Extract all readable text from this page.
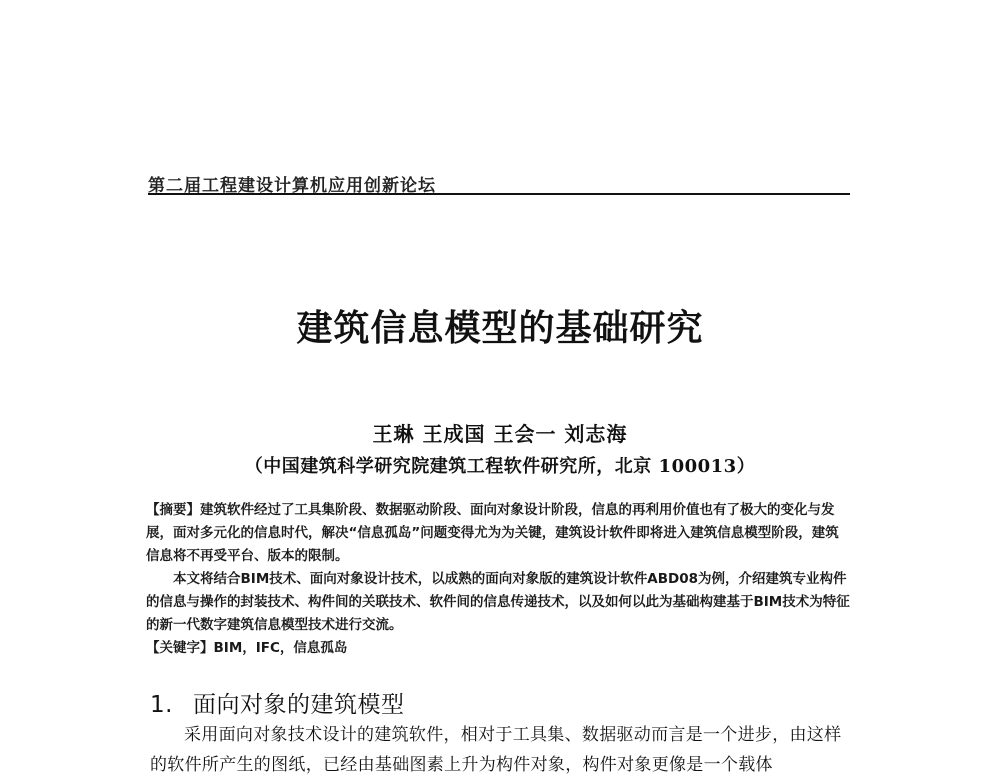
第二届工程建设计算机应用创新论坛
建筑信息模型的基础研究
王琳 王成国 王会一 刘志海
（中国建筑科学研究院建筑工程软件研究所，北京 100013）

【摘要】建筑软件经过了工具集阶段、数据驱动阶段、面向对象设计阶段，信息的再利用价值也有了极大的变化与发展，面对多元化的信息时代，解决“信息孤岛”问题变得尤为为关键，建筑设计软件即将进入建筑信息模型阶段，建筑信息将不再受平台、版本的限制。

本文将结合BIM技术、面向对象设计技术，以成熟的面向对象版的建筑设计软件ABD08为例，介绍建筑专业构件的信息与操作的封装技术、构件间的关联技术、软件间的信息传递技术，以及如何以此为基础构建基于BIM技术为特征的新一代数字建筑信息模型技术进行交流。

【关键字】BIM，IFC，信息孤岛

1. 面向对象的建筑模型

采用面向对象技术设计的建筑软件，相对于工具集、数据驱动而言是一个进步，由这样的软件所产生的图纸，已经由基础图素上升为构件对象，构件对象更像是一个载体
